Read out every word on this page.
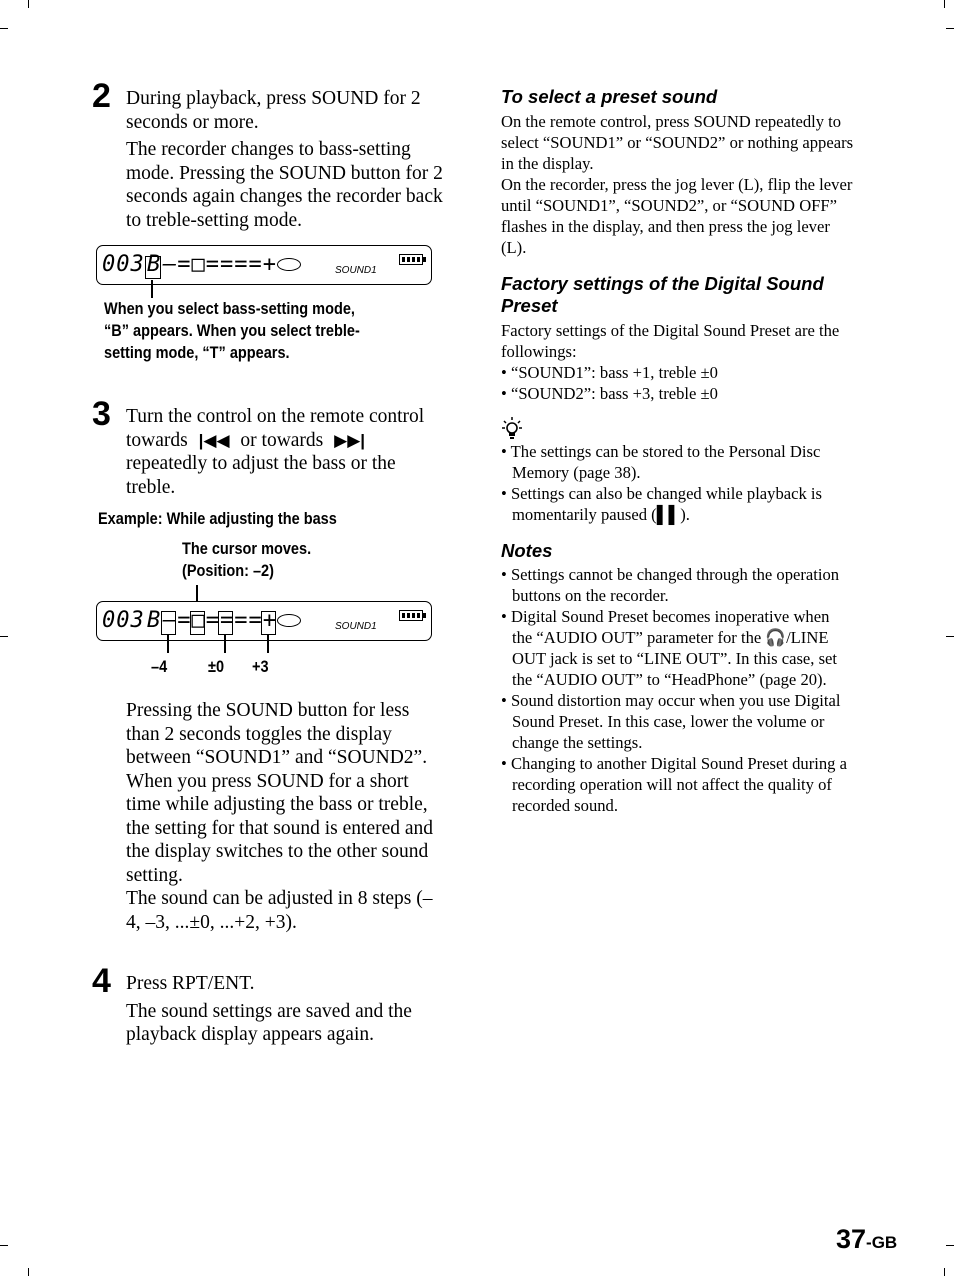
2 During playback, press SOUND for 2 seconds or more.

The recorder changes to bass-setting mode. Pressing the SOUND button for 2 seconds again changes the recorder back to treble-setting mode.

003 B –=□====+	SOUND1
When you select bass-setting mode,
“B” appears. When you select treble-
setting mode, “T” appears.
3 Turn the control on the remote control
towards |◀◀ or towards ▶▶|
repeatedly to adjust the bass or the
treble.
Example: While adjusting the bass
The cursor moves.
(Position: –2)
003 B –=□====+	SOUND1
–4 ±0 +3

Pressing the SOUND button for less than 2 seconds toggles the display between “SOUND1” and “SOUND2”. When you press SOUND for a short time while adjusting the bass or treble, the setting for that sound is entered and the display switches to the other sound setting.

The sound can be adjusted in 8 steps (–4, –3, ...±0, ...+2, +3).

4 Press RPT/ENT.

The sound settings are saved and the playback display appears again.

To select a preset sound

On the remote control, press SOUND repeatedly to select “SOUND1” or “SOUND2” or nothing appears in the display.

On the recorder, press the jog lever (L), flip the lever until “SOUND1”, “SOUND2”, or “SOUND OFF” flashes in the display, and then press the jog lever (L).

Factory settings of the Digital Sound Preset

Factory settings of the Digital Sound Preset are the followings:

• “SOUND1”: bass +1, treble ±0

• “SOUND2”: bass +3, treble ±0

• The settings can be stored to the Personal Disc Memory (page 38).

• Settings can also be changed while playback is momentarily paused (▌▌).

Notes

• Settings cannot be changed through the operation buttons on the recorder.

• Digital Sound Preset becomes inoperative when the “AUDIO OUT” parameter for the 🎧/LINE OUT jack is set to “LINE OUT”. In this case, set the “AUDIO OUT” to “HeadPhone” (page 20).

• Sound distortion may occur when you use Digital Sound Preset. In this case, lower the volume or change the settings.

• Changing to another Digital Sound Preset during a recording operation will not affect the quality of recorded sound.

37-GB
